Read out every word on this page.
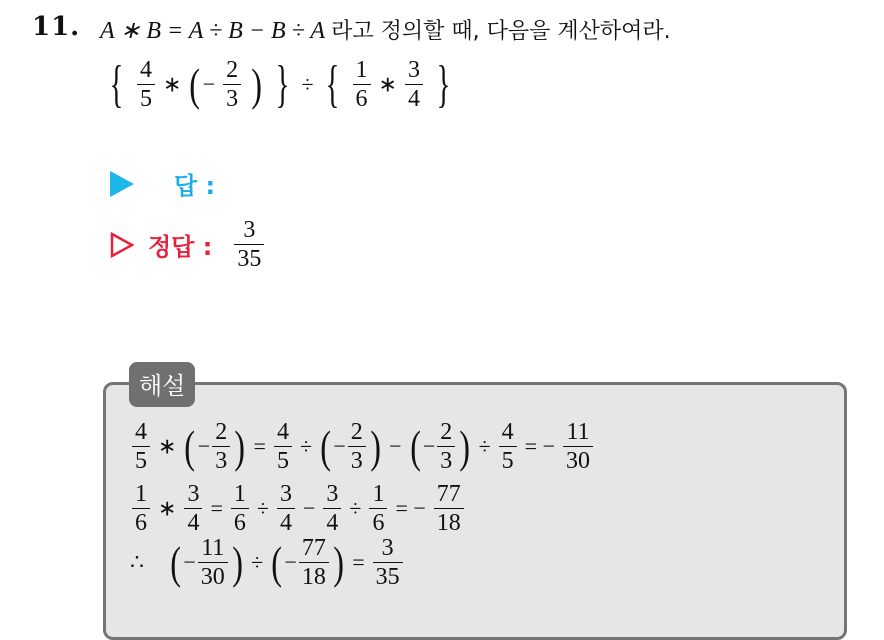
11. A ∗ B = A ÷ B − B ÷ A 라고 정의할 때, 다음을 계산하여라.
{ $\frac{4}{5}$ ∗ ( − $\frac{2}{3}$ ) } ÷ { $\frac{1}{6}$ ∗ $\frac{3}{4}$ }
답 :
정답 : $\frac{3}{35}$
해설
$\frac{4}{5}$ ∗ ( − $\frac{2}{3}$ ) = $\frac{4}{5}$ ÷ ( − $\frac{2}{3}$ ) − ( − $\frac{2}{3}$ ) ÷ $\frac{4}{5}$ = − $\frac{11}{30}$
$\frac{1}{6}$ ∗ $\frac{3}{4} = \frac{1}{6} \div \frac{3}{4} - \frac{3}{4} \div \frac{1}{6}$ = − $\frac{77}{18}$
∴ ( − $\frac{11}{30}$ ) ÷ ( − $\frac{77}{18}$ ) = $\frac{3}{35}$
